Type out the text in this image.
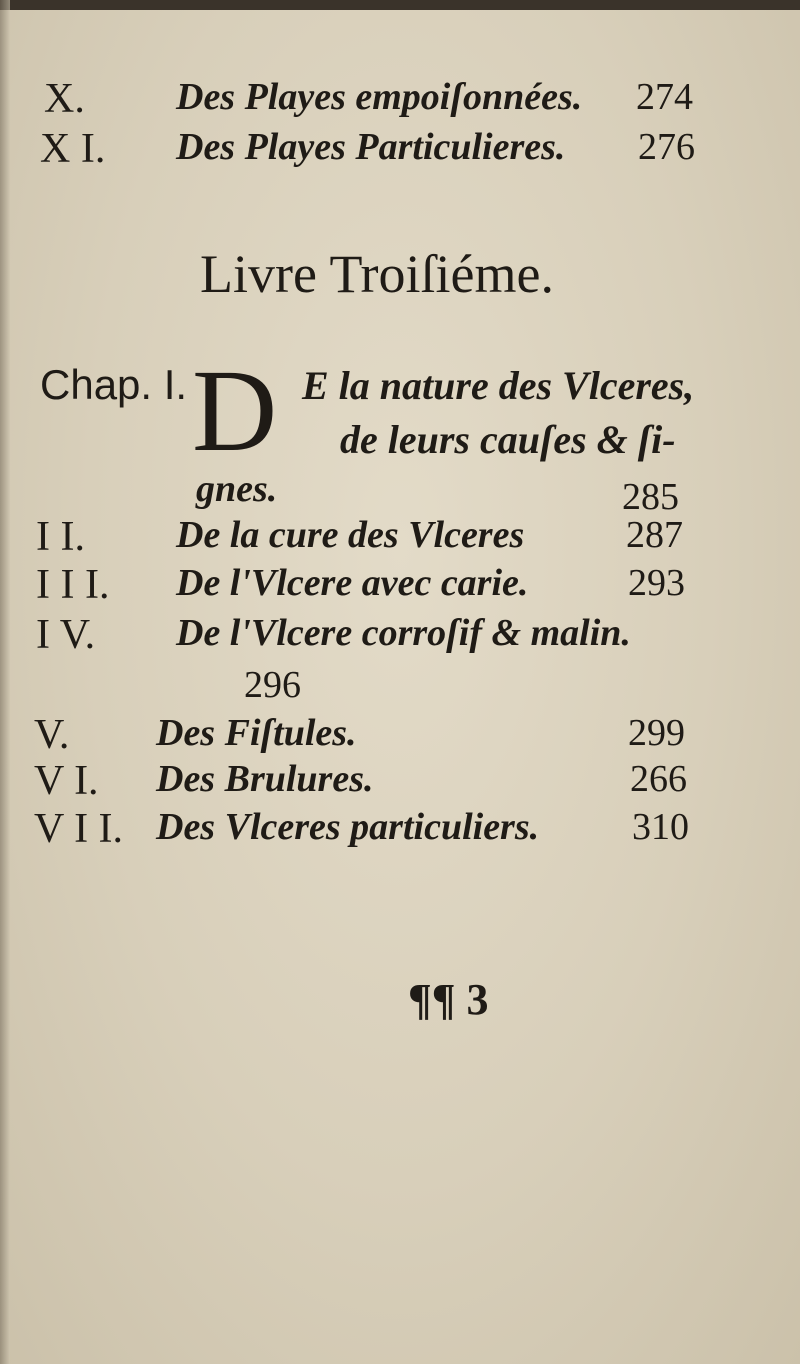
X. Des Playes empoiſonnées. 274
X I. Des Playes Particulieres. 276
Livre Troiſiéme.
Chap. I. D E la nature des Vlceres,
de leurs cauſes & ſi-
gnes.	285
I I. De la cure des Vlceres	287
I I I. De l'Vlcere avec carie.	293
I V. De l'Vlcere corroſif & malin.
296
V. Des Fiſtules.	299
V I. Des Brulures.	266
V I I. Des Vlceres particuliers. 310
¶¶ 3
